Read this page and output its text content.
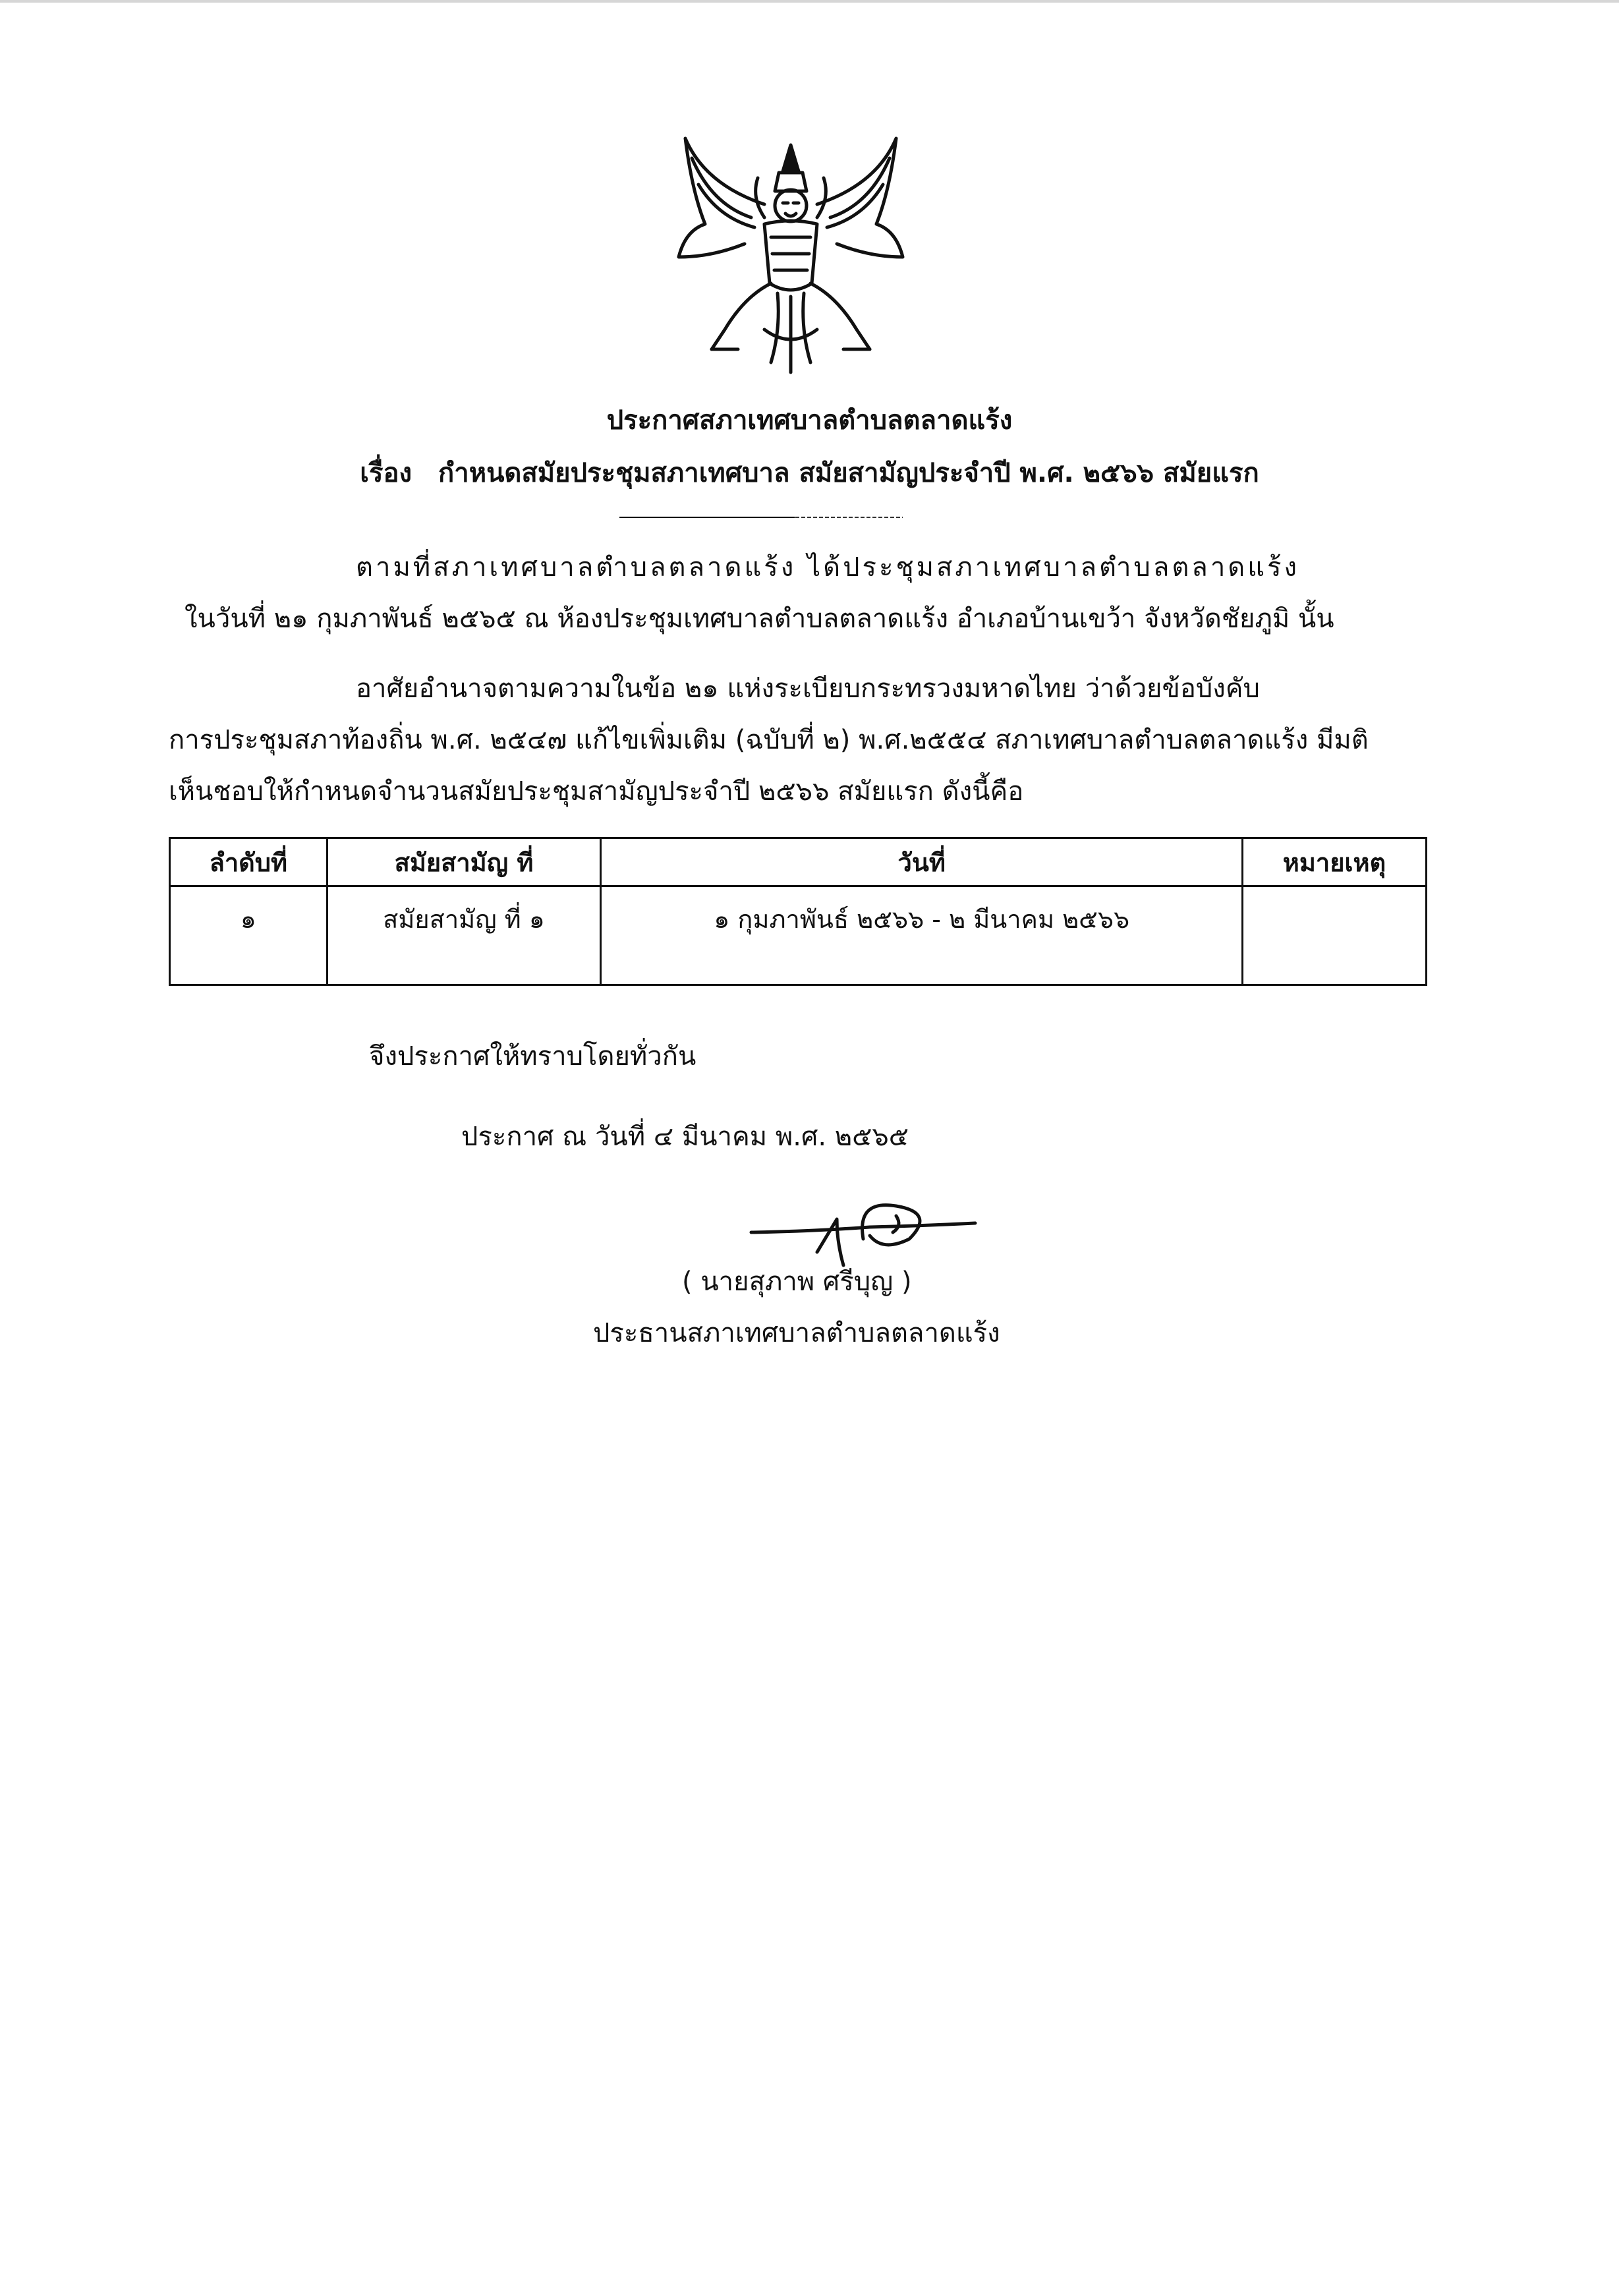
ประกาศสภาเทศบาลตำบลตลาดแร้ง
เรื่อง กำหนดสมัยประชุมสภาเทศบาล สมัยสามัญประจำปี พ.ศ. ๒๕๖๖ สมัยแรก
ตามที่สภาเทศบาลตำบลตลาดแร้ง ได้ประชุมสภาเทศบาลตำบลตลาดแร้ง
ในวันที่ ๒๑ กุมภาพันธ์ ๒๕๖๕ ณ ห้องประชุมเทศบาลตำบลตลาดแร้ง อำเภอบ้านเขว้า จังหวัดชัยภูมิ นั้น
อาศัยอำนาจตามความในข้อ ๒๑ แห่งระเบียบกระทรวงมหาดไทย ว่าด้วยข้อบังคับ
การประชุมสภาท้องถิ่น พ.ศ. ๒๕๔๗ แก้ไขเพิ่มเติม (ฉบับที่ ๒) พ.ศ.๒๕๕๔ สภาเทศบาลตำบลตลาดแร้ง มีมติ
เห็นชอบให้กำหนดจำนวนสมัยประชุมสามัญประจำปี ๒๕๖๖ สมัยแรก ดังนี้คือ
ลำดับที่	สมัยสามัญ ที่	วันที่	หมายเหตุ
๑	สมัยสามัญ ที่ ๑	๑ กุมภาพันธ์ ๒๕๖๖ - ๒ มีนาคม ๒๕๖๖	
จึงประกาศให้ทราบโดยทั่วกัน
ประกาศ ณ วันที่ ๔ มีนาคม พ.ศ. ๒๕๖๕
( นายสุภาพ ศรีบุญ )
ประธานสภาเทศบาลตำบลตลาดแร้ง
